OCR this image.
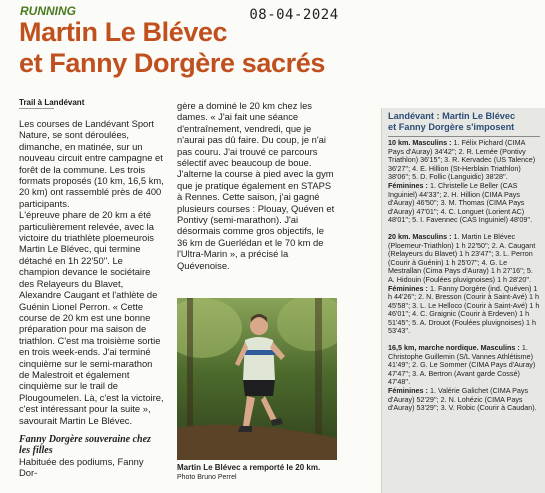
RUNNING	08-04-2024
Martin Le Blévec
et Fanny Dorgère sacrés
Trail à Landévant

Les courses de Landévant Sport Nature, se sont déroulées, dimanche, en matinée, sur un nouveau circuit entre campagne et forêt de la commune. Les trois formats proposés (10 km, 16,5 km, 20 km) ont rassemblé près de 400 participants.

L'épreuve phare de 20 km a été particulièrement relevée, avec la victoire du triathlète ploemeurois Martin Le Blévec, qui termine détaché en 1h 22'50''. Le champion devance le sociétaire des Relayeurs du Blavet, Alexandre Caugant et l'athlète de Guénin Lionel Perron. « Cette course de 20 km est une bonne préparation pour ma saison de triathlon. C'est ma troisième sortie en trois week-ends. J'ai terminé cinquième sur le semi-marathon de Malestroit et également cinquième sur le trail de Plougoumelen. Là, c'est la victoire, c'est intéressant pour la suite », savourait Martin Le Blévec.

Fanny Dorgère souveraine chez les filles

Habituée des podiums, Fanny Dor-

gère a dominé le 20 km chez les dames. « J'ai fait une séance d'entraînement, vendredi, que je n'aurai pas dû faire. Du coup, je n'ai pas couru. J'ai trouvé ce parcours sélectif avec beaucoup de boue. J'alterne la course à pied avec la gym que je pratique également en STAPS à Rennes. Cette saison, j'ai gagné plusieurs courses : Plouay, Quéven et Pontivy (semi-marathon). J'ai désormais comme gros objectifs, le 36 km de Guerlédan et le 70 km de l'Ultra-Marin », a précisé la Quévenoise.

Martin Le Blévec a remporté le 20 km.
Photo Bruno Perrel
Landévant : Martin Le Blévec
et Fanny Dorgère s'imposent

10 km. Masculins : 1. Félix Pichard (CIMA Pays d'Auray) 34'42''; 2. R. Lemée (Pontivy Triathlon) 36'15''; 3. R. Kervadec (US Talence) 36'27''; 4. E. Hillion (St-Herblain Triathlon) 38'06''; 5. D. Follic (Languidic) 38'28''.

Féminines : 1. Christelle Le Beller (CAS Inguiniel) 44'33''; 2. H. Hillion (CIMA Pays d'Auray) 46'50''; 3. M. Thomas (CIMA Pays d'Auray) 47'01''; 4. C. Longuet (Lorient AC) 48'01''; 5. I. Favennec (CAS Inguiniel) 48'09''.

20 km. Masculins : 1. Martin Le Blévec (Ploemeur-Triathlon) 1 h 22'50''; 2. A. Caugant (Relayeurs du Blavet) 1 h 23'47''; 3. L. Perron (Courir à Guénin) 1 h 25'07''; 4. G. Le Mestrallan (Cima Pays d'Auray) 1 h 27'16''; 5. A. Hidouin (Foulées pluvignoises) 1 h 28'20''.

Féminines : 1. Fanny Dorgère (ind. Quéven) 1 h 44'26''; 2. N. Bresson (Courir à Saint-Avé) 1 h 45'58''; 3. L. Le Helloco (Courir à Saint-Avé) 1 h 46'01''; 4. C. Graignic (Courir à Erdeven) 1 h 51'45''; 5. A. Drouot (Foulées pluvignoises) 1 h 53'43''.

16,5 km, marche nordique. Masculins : 1. Christophe Guillemin (S/L Vannes Athlétisme) 41'49''; 2. G. Le Sommer (CIMA Pays d'Auray) 47'47''; 3. A. Bertron (Avant garde Cossé) 47'48''.

Féminines : 1. Valérie Galichet (CIMA Pays d'Auray) 52'29''; 2. N. Lohézic (CIMA Pays d'Auray) 53'29''; 3. V. Robic (Courir à Caudan).
